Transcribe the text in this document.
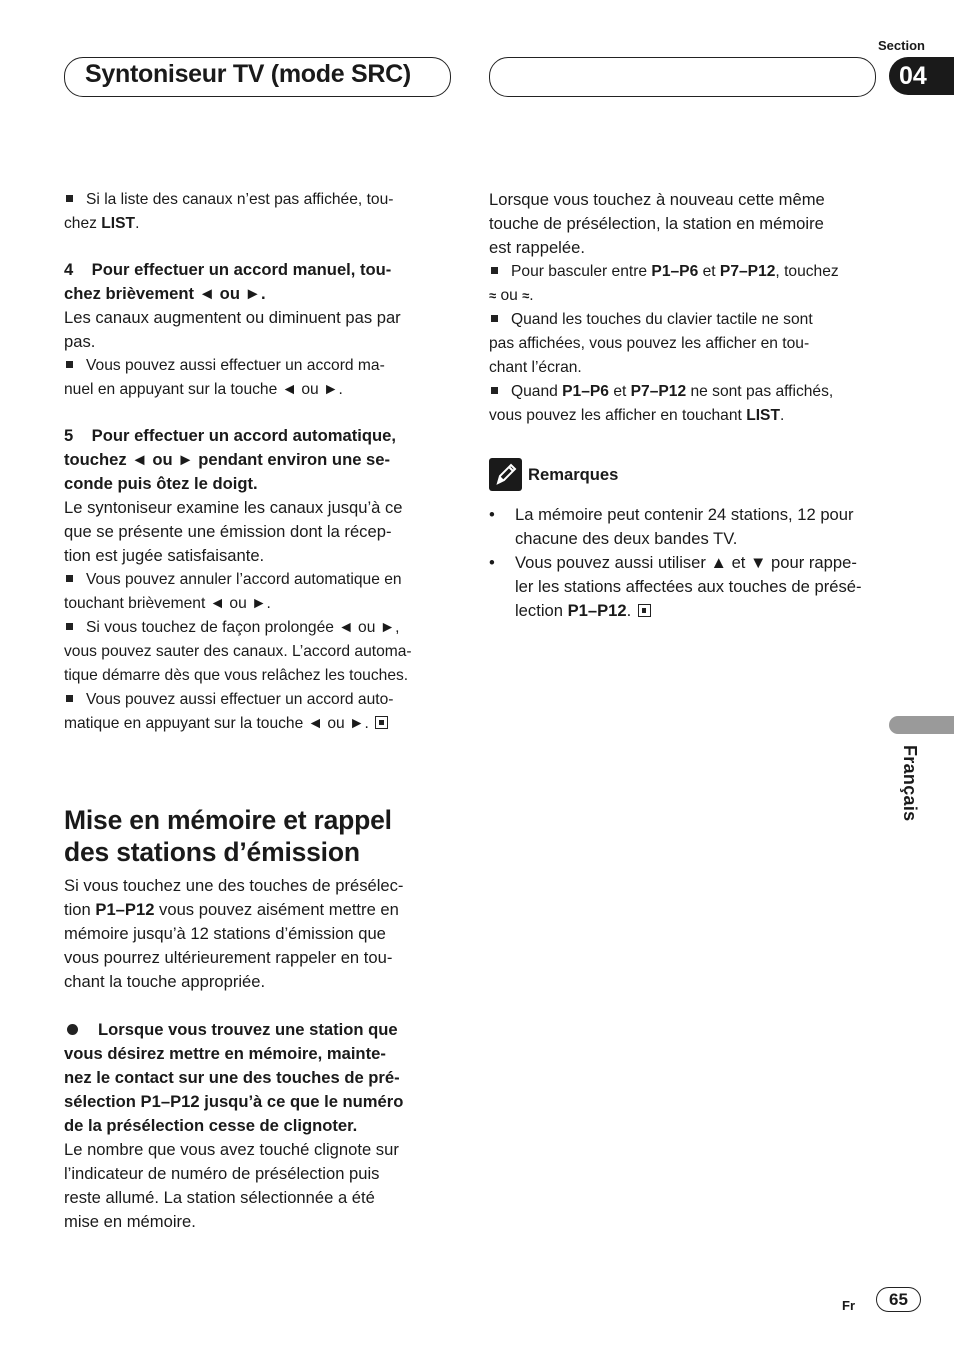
Syntoniseur TV (mode SRC)
Section
04

Si la liste des canaux n’est pas affichée, tou-

chez LIST.

4    Pour effectuer un accord manuel, tou-

chez brièvement ◄ ou ►.

Les canaux augmentent ou diminuent pas par

pas.

Vous pouvez aussi effectuer un accord ma-

nuel en appuyant sur la touche ◄ ou ►.

5    Pour effectuer un accord automatique,

touchez ◄ ou ► pendant environ une se-

conde puis ôtez le doigt.

Le syntoniseur examine les canaux jusqu’à ce

que se présente une émission dont la récep-

tion est jugée satisfaisante.

Vous pouvez annuler l’accord automatique en

touchant brièvement ◄ ou ►.

Si vous touchez de façon prolongée ◄ ou ►,

vous pouvez sauter des canaux. L’accord automa-

tique démarre dès que vous relâchez les touches.

Vous pouvez aussi effectuer un accord auto-

matique en appuyant sur la touche ◄ ou ►.

Mise en mémoire et rappel

des stations d’émission

Si vous touchez une des touches de présélec-

tion P1–P12 vous pouvez aisément mettre en

mémoire jusqu’à 12 stations d’émission que

vous pourrez ultérieurement rappeler en tou-

chant la touche appropriée.

Lorsque vous trouvez une station que

vous désirez mettre en mémoire, mainte-

nez le contact sur une des touches de pré-

sélection P1–P12 jusqu’à ce que le numéro

de la présélection cesse de clignoter.

Le nombre que vous avez touché clignote sur

l’indicateur de numéro de présélection puis

reste allumé. La station sélectionnée a été

mise en mémoire.

Lorsque vous touchez à nouveau cette même

touche de présélection, la station en mémoire

est rappelée.

Pour basculer entre P1–P6 et P7–P12, touchez

≈ ou ≈.

Quand les touches du clavier tactile ne sont

pas affichées, vous pouvez les afficher en tou-

chant l’écran.

Quand P1–P6 et P7–P12 ne sont pas affichés,

vous pouvez les afficher en touchant LIST.

Remarques
• La mémoire peut contenir 24 stations, 12 pour
chacune des deux bandes TV.
• Vous pouvez aussi utiliser ▲ et ▼ pour rappe-
ler les stations affectées aux touches de présé-
lection P1–P12.
Français
Fr	65
